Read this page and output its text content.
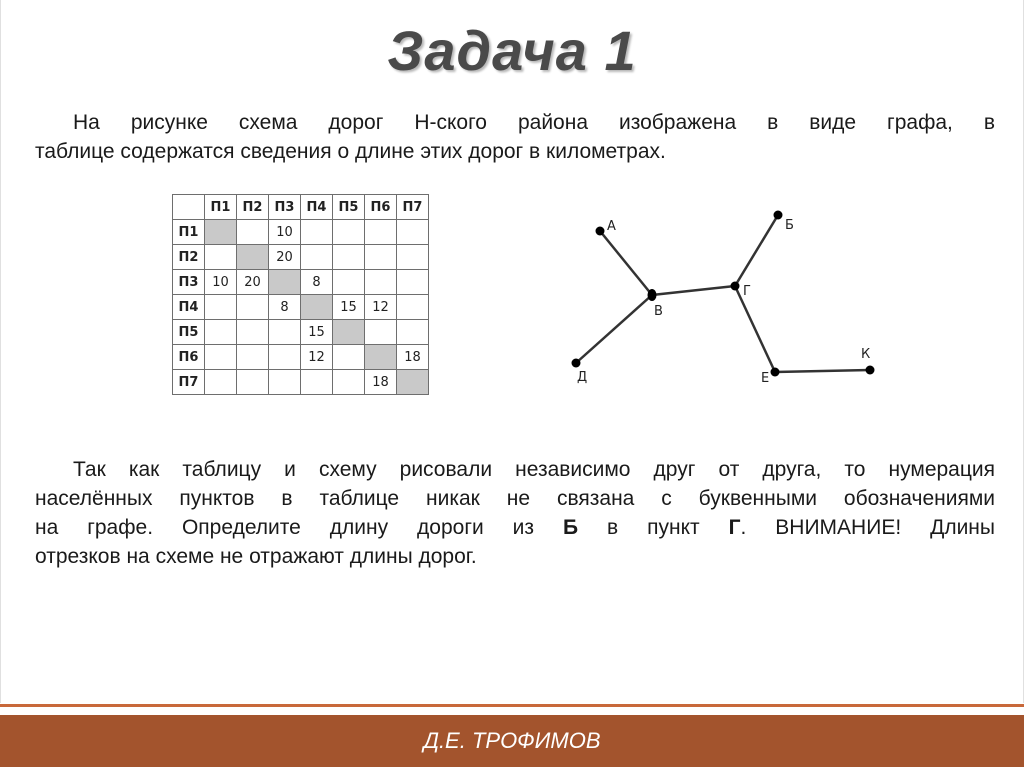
Задача 1
На рисунке схема дорог Н-ского района изображена в виде графа, в
таблице содержатся сведения о длине этих дорог в километрах.
	П1	П2	П3	П4	П5	П6	П7
П1			10				
П2			20				
П3	10	20		8			
П4			8		15	12	
П5				15			
П6				12			18
П7						18	
А
В
Г
Б
Д	Е
К
Так как таблицу и схему рисовали независимо друг от друга, то нумерация
населённых пунктов в таблице никак не связана с буквенными обозначениями
на графе. Определите длину дороги из Б в пункт Г. ВНИМАНИЕ! Длины
отрезков на схеме не отражают длины дорог.
Д.Е. ТРОФИМОВ
